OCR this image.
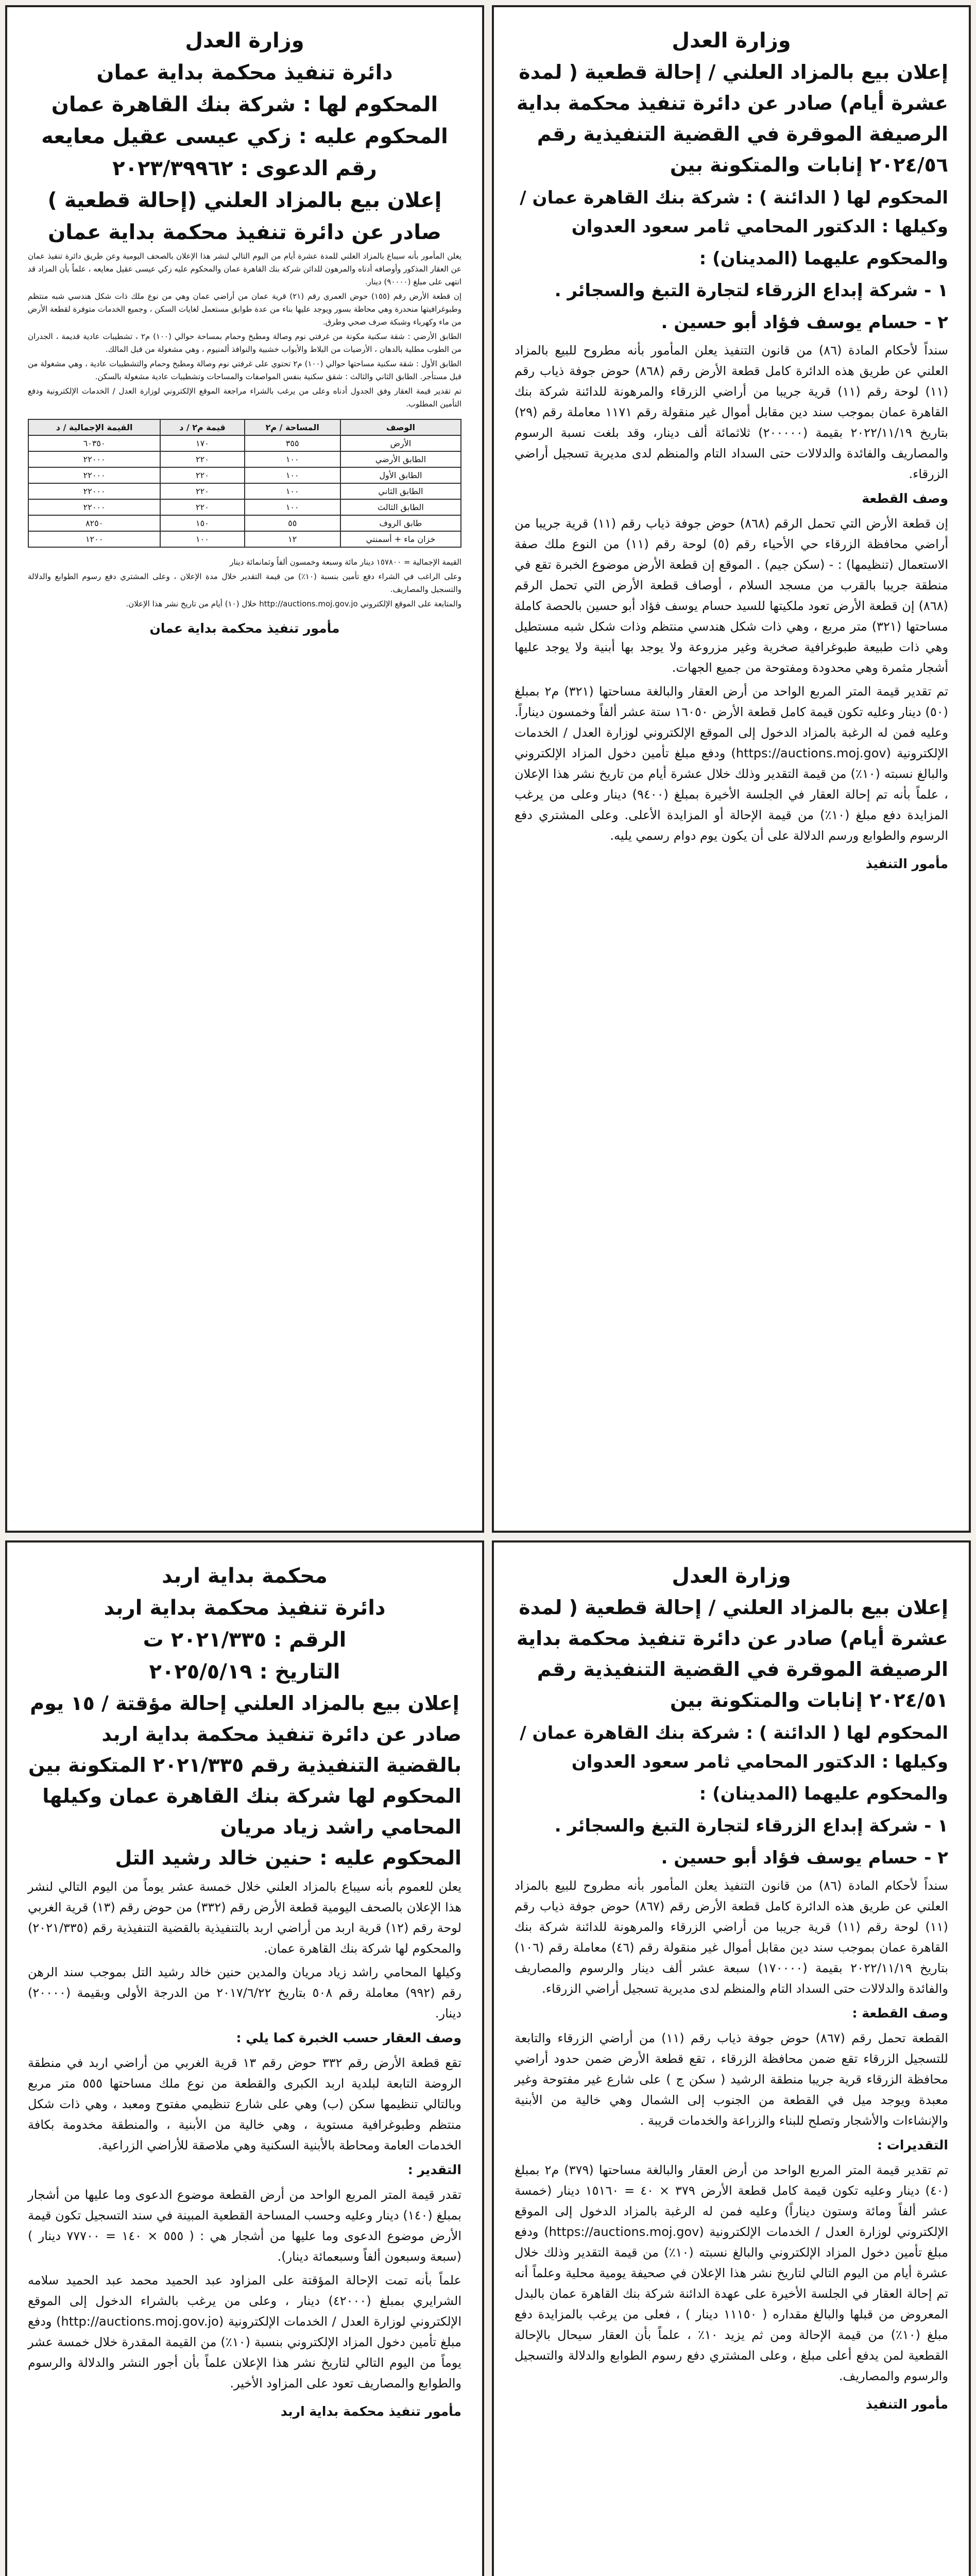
وزارة العدل

إعلان بيع بالمزاد العلني / إحالة قطعية ( لمدة عشرة أيام) صادر عن دائرة تنفيذ محكمة بداية الرصيفة الموقرة في القضية التنفيذية رقم ٢٠٢٤/٥٦ إنابات والمتكونة بين

المحكوم لها ( الدائنة ) : شركة بنك القاهرة عمان / وكيلها : الدكتور المحامي ثامر سعود العدوان

والمحكوم عليهما (المدينان) :

١ - شركة إبداع الزرقاء لتجارة التبغ والسجائر .

٢ - حسام يوسف فؤاد أبو حسين .

سنداً لأحكام المادة (٨٦) من قانون التنفيذ يعلن المأمور بأنه مطروح للبيع بالمزاد العلني عن طريق هذه الدائرة كامل قطعة الأرض رقم (٨٦٨) حوض جوفة ذياب رقم (١١) لوحة رقم (١١) قرية جريبا من أراضي الزرقاء والمرهونة للدائنة شركة بنك القاهرة عمان بموجب سند دين مقابل أموال غير منقولة رقم ١١٧١ معاملة رقم (٢٩) بتاريخ ٢٠٢٢/١١/١٩ بقيمة (٢٠٠٠٠٠) ثلاثمائة ألف دينار، وقد بلغت نسبة الرسوم والمصاريف والفائدة والدلالات حتى السداد التام والمنظم لدى مديرية تسجيل أراضي الزرقاء.

وصف القطعة

إن قطعة الأرض التي تحمل الرقم (٨٦٨) حوض جوفة ذياب رقم (١١) قرية جريبا من أراضي محافظة الزرقاء حي الأحياء رقم (٥) لوحة رقم (١١) من النوع ملك صفة الاستعمال (تنظيمها) : - (سكن جيم) . الموقع إن قطعة الأرض موضوع الخبرة تقع في منطقة جريبا بالقرب من مسجد السلام ، أوصاف قطعة الأرض التي تحمل الرقم (٨٦٨) إن قطعة الأرض تعود ملكيتها للسيد حسام يوسف فؤاد أبو حسين بالحصة كاملة مساحتها (٣٢١) متر مربع ، وهي ذات شكل هندسي منتظم وذات شكل شبه مستطيل وهي ذات طبيعة طبوغرافية صخرية وغير مزروعة ولا يوجد بها أبنية ولا يوجد عليها أشجار مثمرة وهي محدودة ومفتوحة من جميع الجهات.

تم تقدير قيمة المتر المربع الواحد من أرض العقار والبالغة مساحتها (٣٢١) م٢ بمبلغ (٥٠) دينار وعليه تكون قيمة كامل قطعة الأرض ١٦٠٥٠ ستة عشر ألفاً وخمسون ديناراً. وعليه فمن له الرغبة بالمزاد الدخول إلى الموقع الإلكتروني لوزارة العدل / الخدمات الإلكترونية (https://auctions.moj.gov) ودفع مبلغ تأمين دخول المزاد الإلكتروني والبالغ نسبته (١٠٪) من قيمة التقدير وذلك خلال عشرة أيام من تاريخ نشر هذا الإعلان ، علماً بأنه تم إحالة العقار في الجلسة الأخيرة بمبلغ (٩٤٠٠) دينار وعلى من يرغب المزايدة دفع مبلغ (١٠٪) من قيمة الإحالة أو المزايدة الأعلى. وعلى المشتري دفع الرسوم والطوابع ورسم الدلالة على أن يكون يوم دوام رسمي يليه.

مأمور التنفيذ

وزارة العدل

دائرة تنفيذ محكمة بداية عمان

المحكوم لها : شركة بنك القاهرة عمان

المحكوم عليه : زكي عيسى عقيل معايعه

رقم الدعوى : ٢٠٢٣/٣٩٩٦٢

إعلان بيع بالمزاد العلني (إحالة قطعية )

صادر عن دائرة تنفيذ محكمة بداية عمان

يعلن المأمور بأنه سيباع بالمزاد العلني للمدة عشرة أيام من اليوم التالي لنشر هذا الإعلان بالصحف اليومية وعن طريق دائرة تنفيذ عمان عن العقار المذكور وأوصافه أدناه والمرهون للدائن شركة بنك القاهرة عمان والمحكوم عليه زكي عيسى عقيل معايعه ، علماً بأن المزاد قد انتهى على مبلغ (٩٠٠٠٠) دينار.

إن قطعة الأرض رقم (١٥٥) حوض العمري رقم (٢١) قرية عمان من أراضي عمان وهي من نوع ملك ذات شكل هندسي شبه منتظم وطبوغرافيتها منحدرة وهي محاطة بسور ويوجد عليها بناء من عدة طوابق مستعمل لغايات السكن ، وجميع الخدمات متوفرة لقطعة الأرض من ماء وكهرباء وشبكة صرف صحي وطرق.

الطابق الأرضي : شقة سكنية مكونة من غرفتي نوم وصالة ومطبخ وحمام بمساحة حوالي (١٠٠) م٢ ، تشطيبات عادية قديمة ، الجدران من الطوب مطلية بالدهان ، الأرضيات من البلاط والأبواب خشبية والنوافذ ألمنيوم ، وهي مشغولة من قبل المالك.

الطابق الأول : شقة سكنية مساحتها حوالي (١٠٠) م٢ تحتوي على غرفتي نوم وصالة ومطبخ وحمام والتشطيبات عادية ، وهي مشغولة من قبل مستأجر. الطابق الثاني والثالث : شقق سكنية بنفس المواصفات والمساحات وتشطيبات عادية مشغولة بالسكن.

تم تقدير قيمة العقار وفق الجدول أدناه وعلى من يرغب بالشراء مراجعة الموقع الإلكتروني لوزارة العدل / الخدمات الإلكترونية ودفع التأمين المطلوب.

الوصف	المساحة / م٢	قيمة م٢ / د	القيمة الإجمالية / د
الأرض	٣٥٥	١٧٠	٦٠٣٥٠
الطابق الأرضي	١٠٠	٢٢٠	٢٢٠٠٠
الطابق الأول	١٠٠	٢٢٠	٢٢٠٠٠
الطابق الثاني	١٠٠	٢٢٠	٢٢٠٠٠
الطابق الثالث	١٠٠	٢٢٠	٢٢٠٠٠
طابق الروف	٥٥	١٥٠	٨٢٥٠
خزان ماء + أسمنتي	١٢	١٠٠	١٢٠٠

القيمة الإجمالية = ١٥٧٨٠٠ دينار مائة وسبعة وخمسون ألفاً وثمانمائة دينار

وعلى الراغب في الشراء دفع تأمين بنسبة (١٠٪) من قيمة التقدير خلال مدة الإعلان ، وعلى المشتري دفع رسوم الطوابع والدلالة والتسجيل والمصاريف.

والمتابعة على الموقع الإلكتروني http://auctions.moj.gov.jo خلال (١٠) أيام من تاريخ نشر هذا الإعلان.

مأمور تنفيذ محكمة بداية عمان

وزارة العدل

إعلان بيع بالمزاد العلني / إحالة قطعية ( لمدة عشرة أيام) صادر عن دائرة تنفيذ محكمة بداية الرصيفة الموقرة في القضية التنفيذية رقم ٢٠٢٤/٥١ إنابات والمتكونة بين

المحكوم لها ( الدائنة ) : شركة بنك القاهرة عمان / وكيلها : الدكتور المحامي ثامر سعود العدوان

والمحكوم عليهما (المدينان) :

١ - شركة إبداع الزرقاء لتجارة التبغ والسجائر .

٢ - حسام يوسف فؤاد أبو حسين .

سنداً لأحكام المادة (٨٦) من قانون التنفيذ يعلن المأمور بأنه مطروح للبيع بالمزاد العلني عن طريق هذه الدائرة كامل قطعة الأرض رقم (٨٦٧) حوض جوفة ذياب رقم (١١) لوحة رقم (١١) قرية جريبا من أراضي الزرقاء والمرهونة للدائنة شركة بنك القاهرة عمان بموجب سند دين مقابل أموال غير منقولة رقم (٤٦) معاملة رقم (١٠٦) بتاريخ ٢٠٢٢/١١/١٩ بقيمة (١٧٠٠٠٠) سبعة عشر ألف دينار والرسوم والمصاريف والفائدة والدلالات حتى السداد التام والمنظم لدى مديرية تسجيل أراضي الزرقاء.

وصف القطعة :

القطعة تحمل رقم (٨٦٧) حوض جوفة ذياب رقم (١١) من أراضي الزرقاء والتابعة للتسجيل الزرقاء تقع ضمن محافظة الزرقاء ، تقع قطعة الأرض ضمن حدود أراضي محافظة الزرقاء قرية جريبا منطقة الرشيد ( سكن ج ) على شارع غير مفتوحة وغير معبدة ويوجد ميل في القطعة من الجنوب إلى الشمال وهي خالية من الأبنية والإنشاءات والأشجار وتصلح للبناء والزراعة والخدمات قريبة .

التقديرات :

تم تقدير قيمة المتر المربع الواحد من أرض العقار والبالغة مساحتها (٣٧٩) م٢ بمبلغ (٤٠) دينار وعليه تكون قيمة كامل قطعة الأرض ٣٧٩ × ٤٠ = ١٥١٦٠ دينار (خمسة عشر ألفاً ومائة وستون ديناراً) وعليه فمن له الرغبة بالمزاد الدخول إلى الموقع الإلكتروني لوزارة العدل / الخدمات الإلكترونية (https://auctions.moj.gov) ودفع مبلغ تأمين دخول المزاد الإلكتروني والبالغ نسبته (١٠٪) من قيمة التقدير وذلك خلال عشرة أيام من اليوم التالي لتاريخ نشر هذا الإعلان في صحيفة يومية محلية وعلماً أنه تم إحالة العقار في الجلسة الأخيرة على عهدة الدائنة شركة بنك القاهرة عمان بالبدل المعروض من قبلها والبالغ مقداره ( ١١١٥٠ دينار ) ، فعلى من يرغب بالمزايدة دفع مبلغ (١٠٪) من قيمة الإحالة ومن ثم يزيد ١٠٪ ، علماً بأن العقار سيحال بالإحالة القطعية لمن يدفع أعلى مبلغ ، وعلى المشتري دفع رسوم الطوابع والدلالة والتسجيل والرسوم والمصاريف.

مأمور التنفيذ

محكمة بداية اربد

دائرة تنفيذ محكمة بداية اربد

الرقم : ٢٠٢١/٣٣٥ ت

التاريخ : ٢٠٢٥/٥/١٩

إعلان بيع بالمزاد العلني إحالة مؤقتة / ١٥ يوم

صادر عن دائرة تنفيذ محكمة بداية اربد بالقضية التنفيذية رقم ٢٠٢١/٣٣٥ المتكونة بين المحكوم لها شركة بنك القاهرة عمان وكيلها المحامي راشد زياد مريان

المحكوم عليه : حنين خالد رشيد التل

يعلن للعموم بأنه سيباع بالمزاد العلني خلال خمسة عشر يوماً من اليوم التالي لنشر هذا الإعلان بالصحف اليومية قطعة الأرض رقم (٣٣٢) من حوض رقم (١٣) قرية الغربي لوحة رقم (١٢) قرية اربد من أراضي اربد بالتنفيذية بالقضية التنفيذية رقم (٢٠٢١/٣٣٥) والمحكوم لها شركة بنك القاهرة عمان.

وكيلها المحامي راشد زياد مريان والمدين حنين خالد رشيد التل بموجب سند الرهن رقم (٩٩٢) معاملة رقم ٥٠٨ بتاريخ ٢٠١٧/٦/٢٢ من الدرجة الأولى وبقيمة (٢٠٠٠٠) دينار.

وصف العقار حسب الخبرة كما يلي :

تقع قطعة الأرض رقم ٣٣٢ حوض رقم ١٣ قرية الغربي من أراضي اربد في منطقة الروضة التابعة لبلدية اربد الكبرى والقطعة من نوع ملك مساحتها ٥٥٥ متر مربع وبالتالي تنظيمها سكن (ب) وهي على شارع تنظيمي مفتوح ومعبد ، وهي ذات شكل منتظم وطبوغرافية مستوية ، وهي خالية من الأبنية ، والمنطقة مخدومة بكافة الخدمات العامة ومحاطة بالأبنية السكنية وهي ملاصقة للأراضي الزراعية.

التقدير :

تقدر قيمة المتر المربع الواحد من أرض القطعة موضوع الدعوى وما عليها من أشجار بمبلغ (١٤٠) دينار وعليه وحسب المساحة القطعية المبينة في سند التسجيل تكون قيمة الأرض موضوع الدعوى وما عليها من أشجار هي : ( ٥٥٥ × ١٤٠ = ٧٧٧٠٠ دينار ) (سبعة وسبعون ألفاً وسبعمائة دينار).

علماً بأنه تمت الإحالة المؤقتة على المزاود عبد الحميد محمد عبد الحميد سلامه الشرايري بمبلغ (٤٢٠٠٠) دينار ، وعلى من يرغب بالشراء الدخول إلى الموقع الإلكتروني لوزارة العدل / الخدمات الإلكترونية (http://auctions.moj.gov.jo) ودفع مبلغ تأمين دخول المزاد الإلكتروني بنسبة (١٠٪) من القيمة المقدرة خلال خمسة عشر يوماً من اليوم التالي لتاريخ نشر هذا الإعلان علماً بأن أجور النشر والدلالة والرسوم والطوابع والمصاريف تعود على المزاود الأخير.

مأمور تنفيذ محكمة بداية اربد
